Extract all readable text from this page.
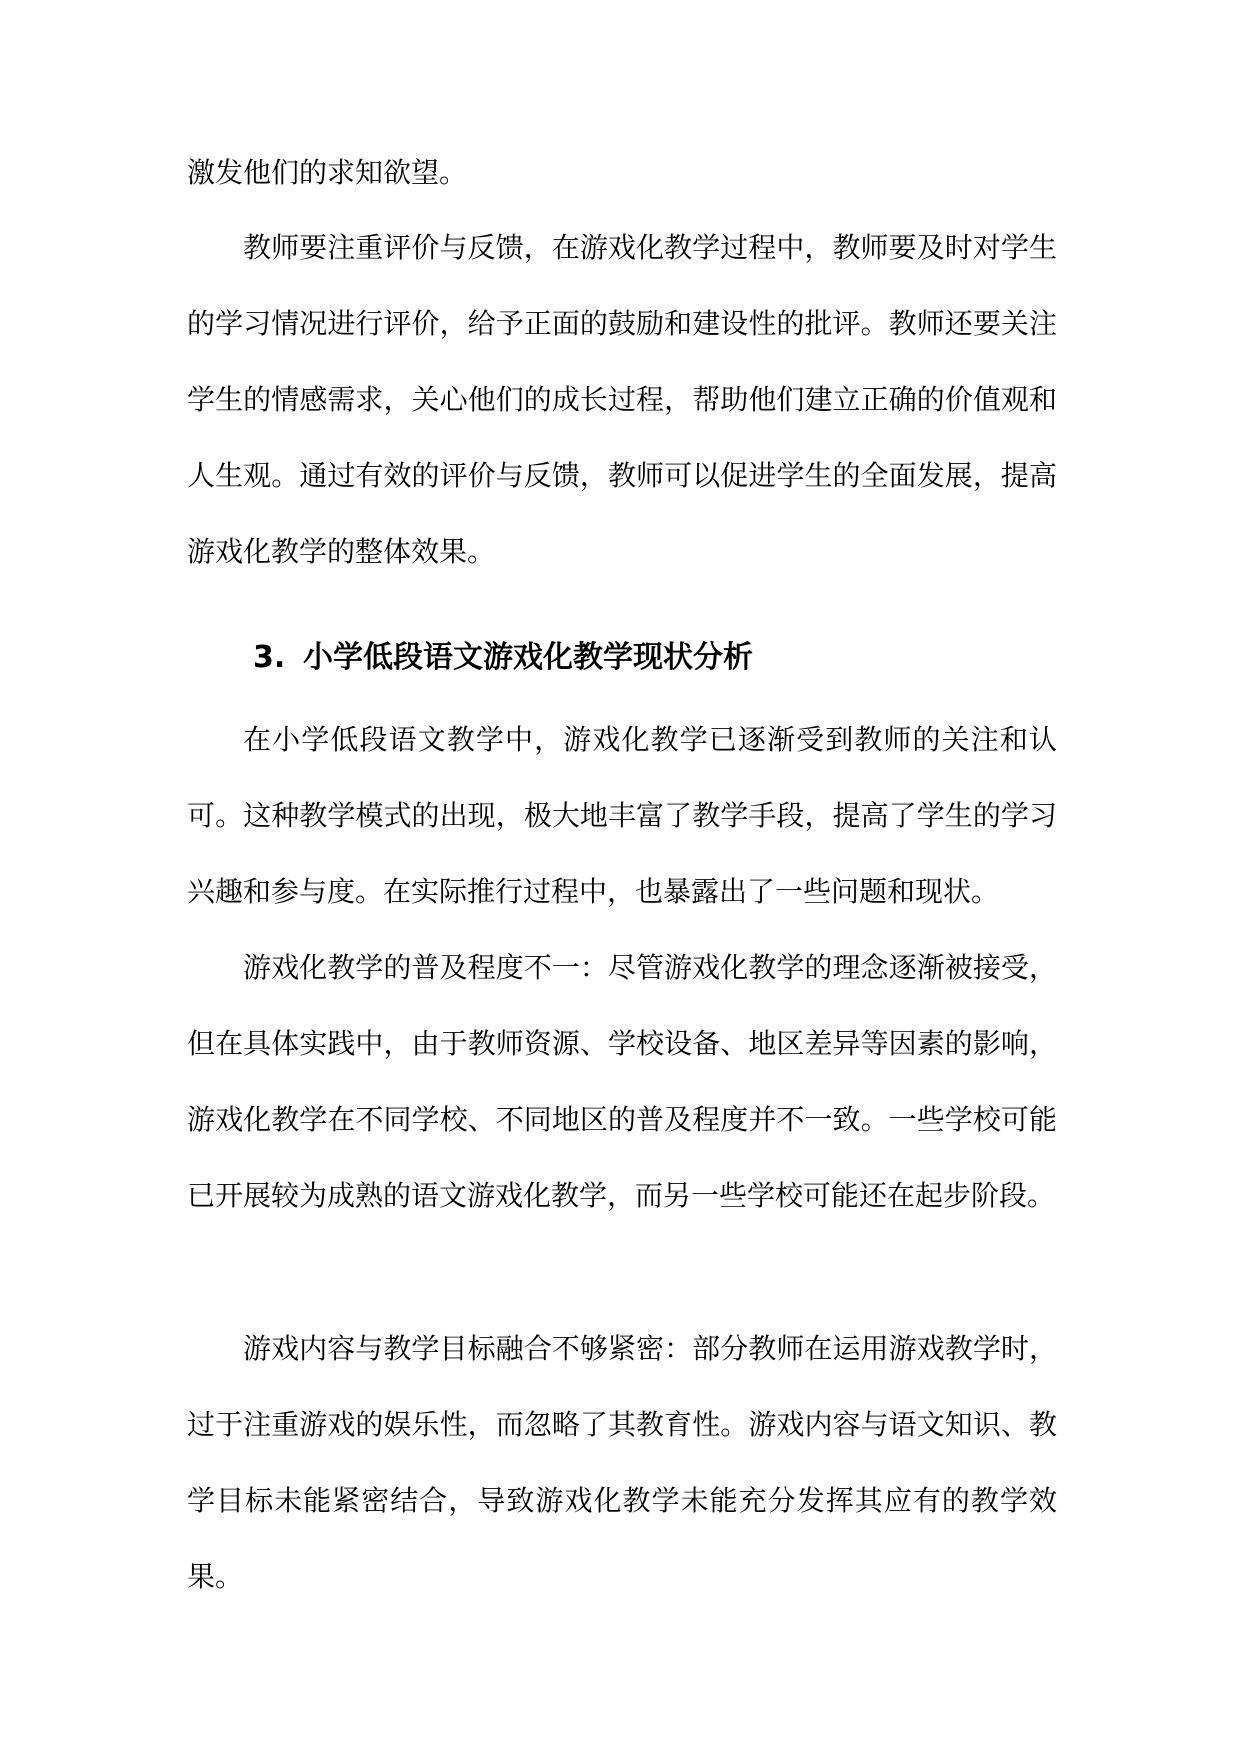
激发他们的求知欲望。

教师要注重评价与反馈，在游戏化教学过程中，教师要及时对学生的学习情况进行评价，给予正面的鼓励和建设性的批评。教师还要关注学生的情感需求，关心他们的成长过程，帮助他们建立正确的价值观和人生观。通过有效的评价与反馈，教师可以促进学生的全面发展，提高游戏化教学的整体效果。

3. 小学低段语文游戏化教学现状分析

在小学低段语文教学中，游戏化教学已逐渐受到教师的关注和认可。这种教学模式的出现，极大地丰富了教学手段，提高了学生的学习兴趣和参与度。在实际推行过程中，也暴露出了一些问题和现状。

游戏化教学的普及程度不一：尽管游戏化教学的理念逐渐被接受，但在具体实践中，由于教师资源、学校设备、地区差异等因素的影响，游戏化教学在不同学校、不同地区的普及程度并不一致。一些学校可能已开展较为成熟的语文游戏化教学，而另一些学校可能还在起步阶段。

游戏内容与教学目标融合不够紧密：部分教师在运用游戏教学时，过于注重游戏的娱乐性，而忽略了其教育性。游戏内容与语文知识、教学目标未能紧密结合，导致游戏化教学未能充分发挥其应有的教学效果。
